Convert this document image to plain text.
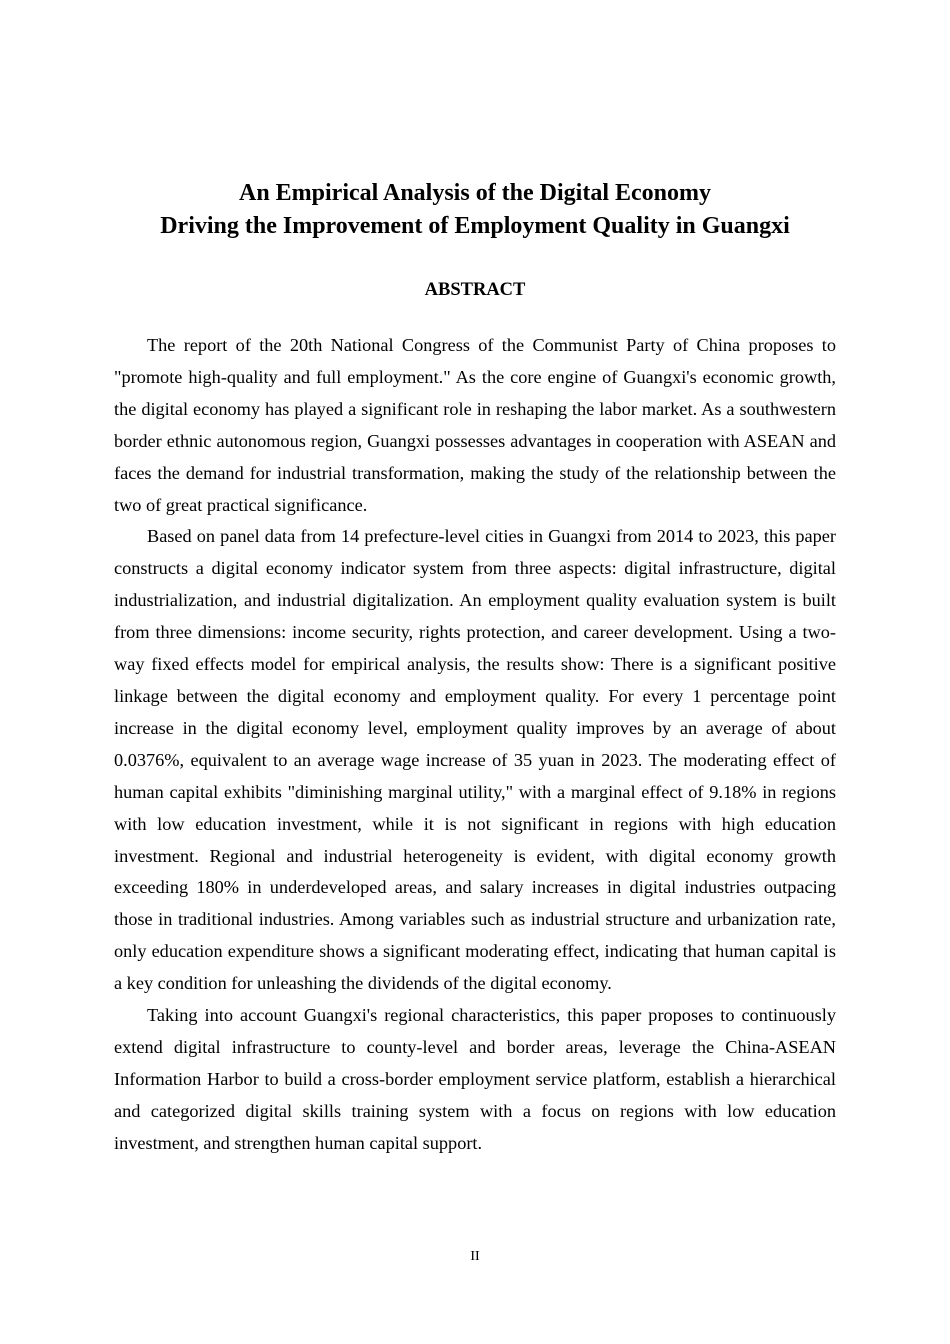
An Empirical Analysis of the Digital Economy
Driving the Improvement of Employment Quality in Guangxi
ABSTRACT

The report of the 20th National Congress of the Communist Party of China proposes to "promote high-quality and full employment." As the core engine of Guangxi's economic growth, the digital economy has played a significant role in reshaping the labor market. As a southwestern border ethnic autonomous region, Guangxi possesses advantages in cooperation with ASEAN and faces the demand for industrial transformation, making the study of the relationship between the two of great practical significance.

Based on panel data from 14 prefecture-level cities in Guangxi from 2014 to 2023, this paper constructs a digital economy indicator system from three aspects: digital infrastructure, digital industrialization, and industrial digitalization. An employment quality evaluation system is built from three dimensions: income security, rights protection, and career development. Using a two-way fixed effects model for empirical analysis, the results show: There is a significant positive linkage between the digital economy and employment quality. For every 1 percentage point increase in the digital economy level, employment quality improves by an average of about 0.0376%, equivalent to an average wage increase of 35 yuan in 2023. The moderating effect of human capital exhibits "diminishing marginal utility," with a marginal effect of 9.18% in regions with low education investment, while it is not significant in regions with high education investment. Regional and industrial heterogeneity is evident, with digital economy growth exceeding 180% in underdeveloped areas, and salary increases in digital industries outpacing those in traditional industries. Among variables such as industrial structure and urbanization rate, only education expenditure shows a significant moderating effect, indicating that human capital is a key condition for unleashing the dividends of the digital economy.

Taking into account Guangxi's regional characteristics, this paper proposes to continuously extend digital infrastructure to county-level and border areas, leverage the China-ASEAN Information Harbor to build a cross-border employment service platform, establish a hierarchical and categorized digital skills training system with a focus on regions with low education investment, and strengthen human capital support.

II
